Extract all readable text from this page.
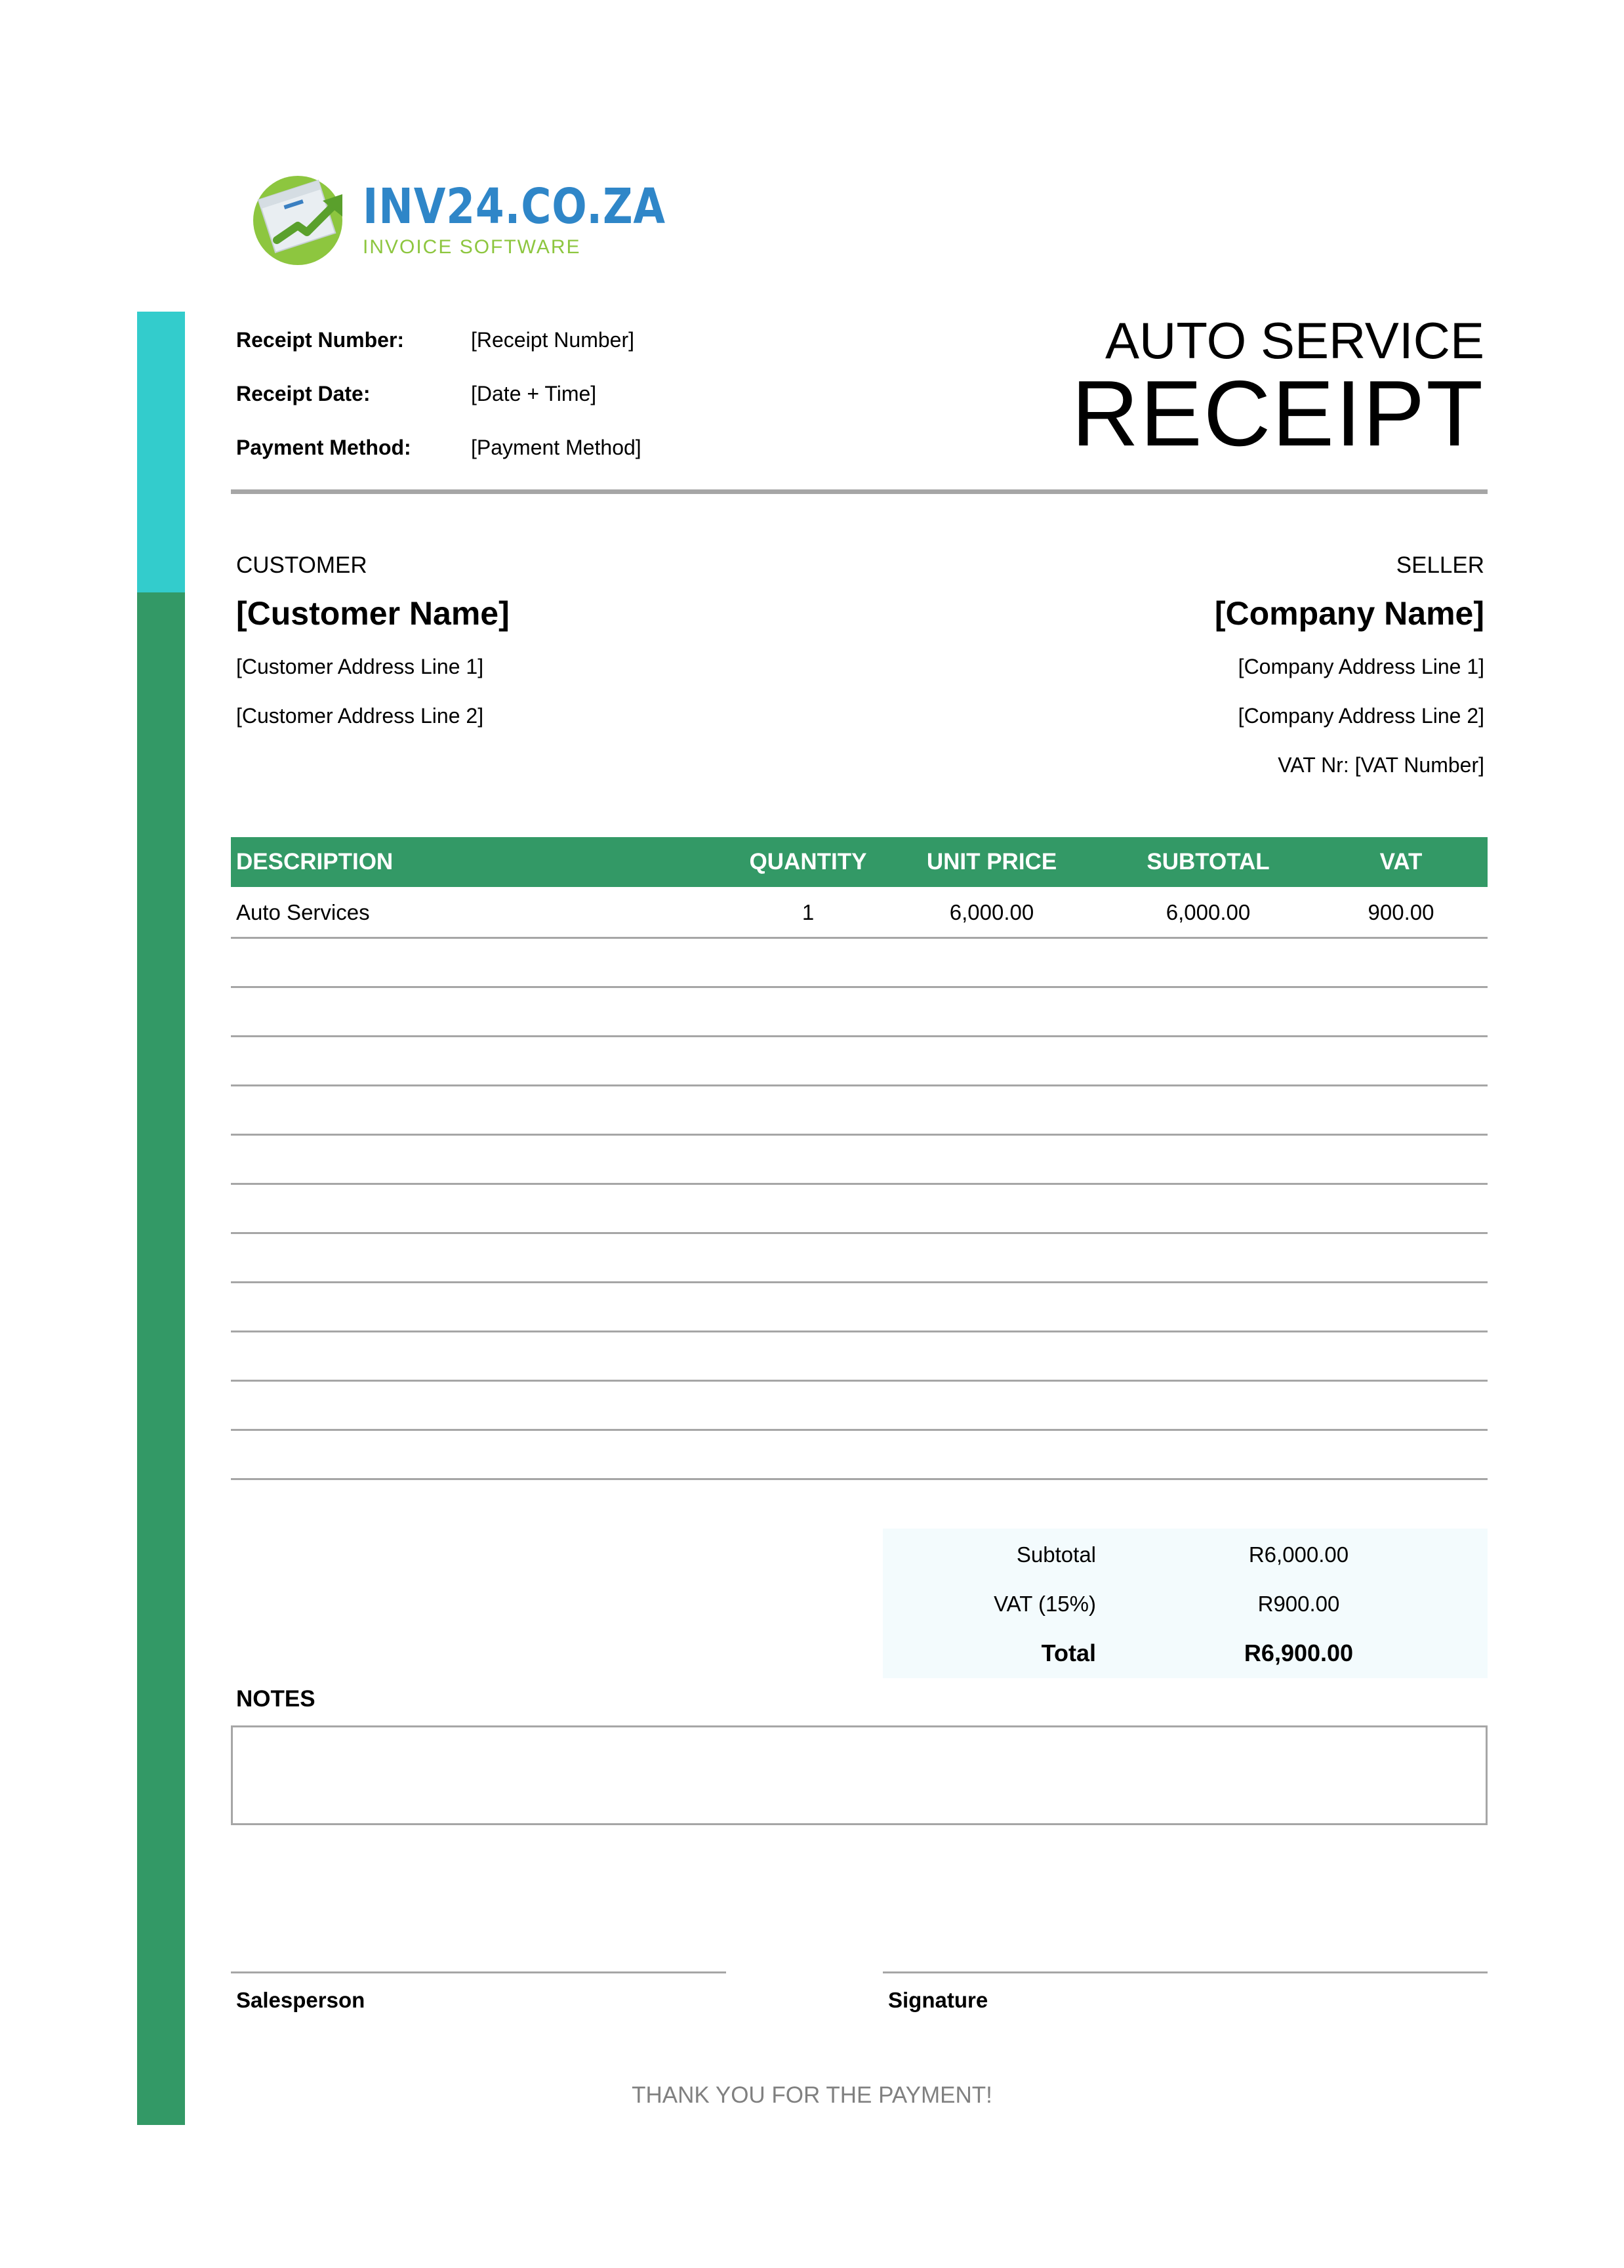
INV24.CO.ZA
INVOICE SOFTWARE
Receipt Number:	[Receipt Number]
Receipt Date:	[Date + Time]
Payment Method:	[Payment Method]
AUTO SERVICE
RECEIPT
CUSTOMER
[Customer Name]
[Customer Address Line 1]
[Customer Address Line 2]
SELLER
[Company Name]
[Company Address Line 1]
[Company Address Line 2]
VAT Nr: [VAT Number]
DESCRIPTION	QUANTITY	UNIT PRICE	SUBTOTAL	VAT
Auto Services	1	6,000.00	6,000.00	900.00
Subtotal	R6,000.00
VAT (15%)	R900.00
Total	R6,900.00
NOTES
Salesperson	Signature
THANK YOU FOR THE PAYMENT!
